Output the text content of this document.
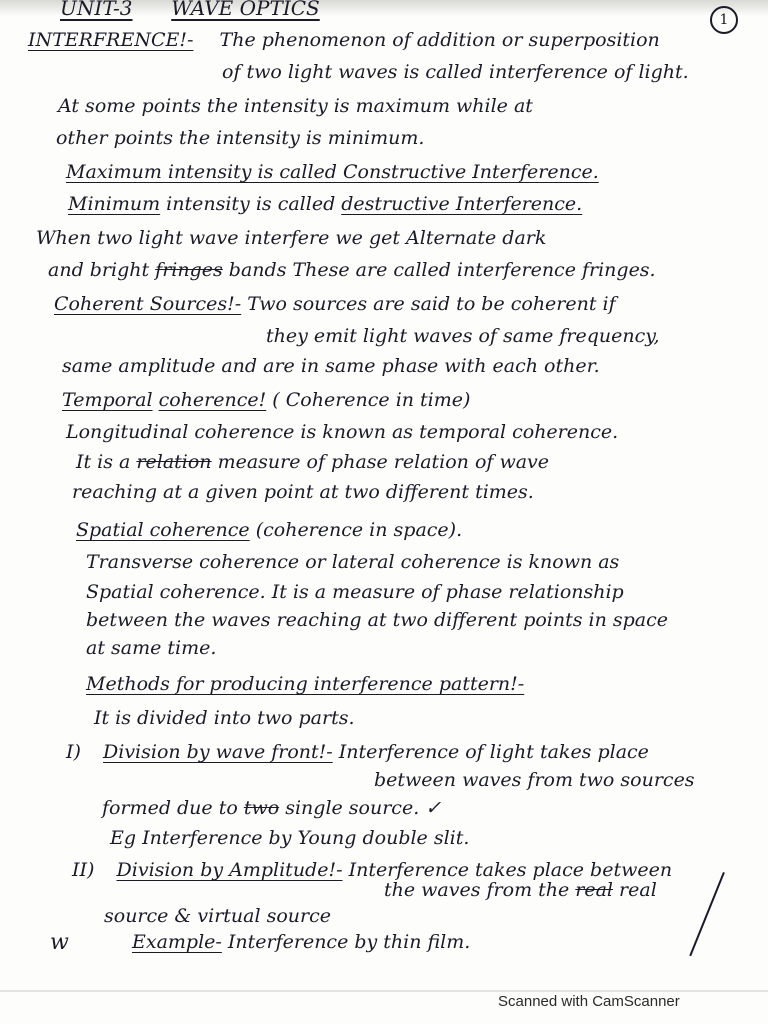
UNIT-3 WAVE OPTICS	1
INTERFRENCE!- The phenomenon of addition or superposition
of two light waves is called interference of light.
At some points the intensity is maximum while at
other points the intensity is minimum.
Maximum intensity is called Constructive Interference.
Minimum intensity is called destructive Interference.
When two light wave interfere we get Alternate dark
and bright fringes bands These are called interference fringes.
Coherent Sources!- Two sources are said to be coherent if
they emit light waves of same frequency,
same amplitude and are in same phase with each other.
Temporal coherence! ( Coherence in time)
Longitudinal coherence is known as temporal coherence.
It is a relation measure of phase relation of wave
reaching at a given point at two different times.
Spatial coherence (coherence in space).
Transverse coherence or lateral coherence is known as
Spatial coherence. It is a measure of phase relationship
between the waves reaching at two different points in space
at same time.
Methods for producing interference pattern!-
It is divided into two parts.
I) Division by wave front!- Interference of light takes place
between waves from two sources
formed due to two single source. ✓
Eg Interference by Young double slit.
II) Division by Amplitude!- Interference takes place between
the waves from the real real
source & virtual source
Example- Interference by thin film.
w
Scanned with CamScanner
